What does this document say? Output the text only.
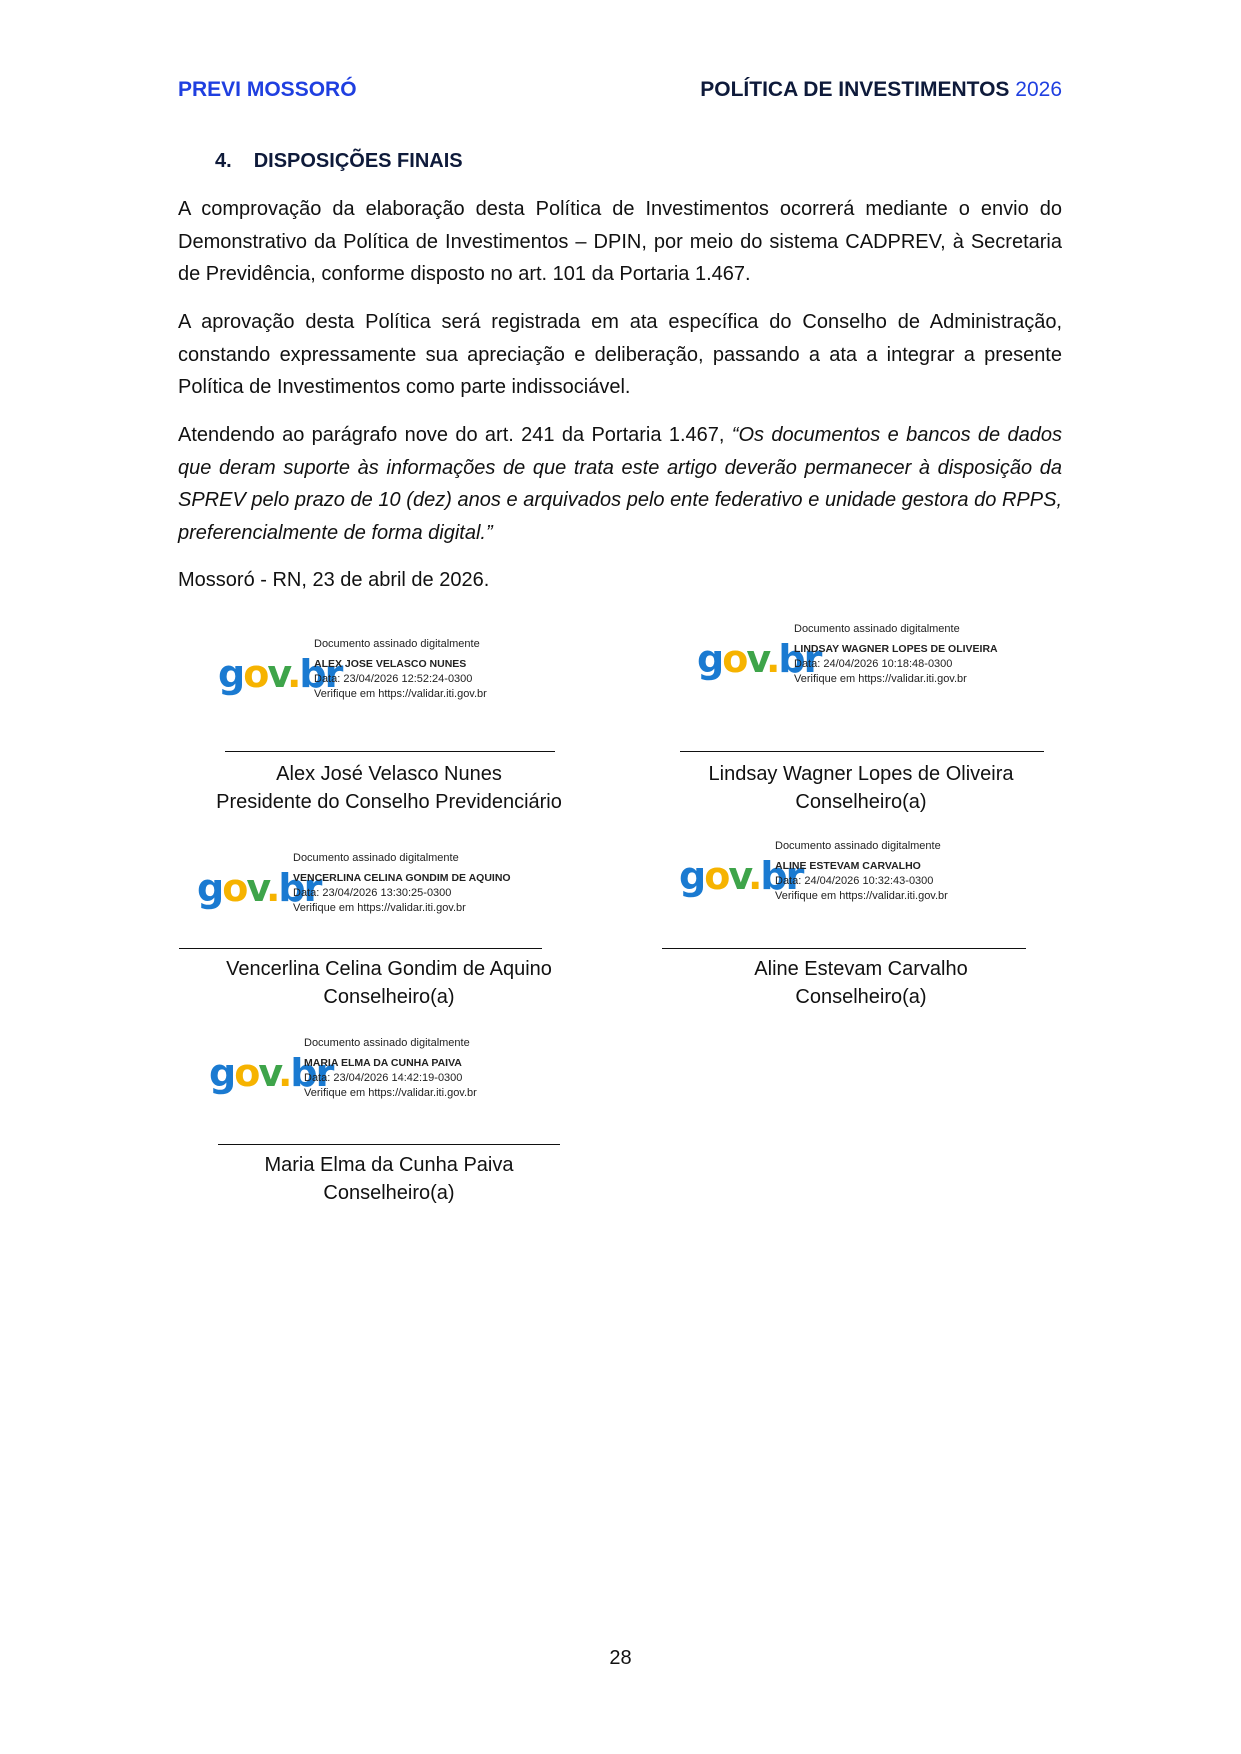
PREVI MOSSORÓ	POLÍTICA DE INVESTIMENTOS 2026
4. DISPOSIÇÕES FINAIS
A comprovação da elaboração desta Política de Investimentos ocorrerá mediante o envio do Demonstrativo da Política de Investimentos – DPIN, por meio do sistema CADPREV, à Secretaria de Previdência, conforme disposto no art. 101 da Portaria 1.467.
A aprovação desta Política será registrada em ata específica do Conselho de Administração, constando expressamente sua apreciação e deliberação, passando a ata a integrar a presente Política de Investimentos como parte indissociável.
Atendendo ao parágrafo nove do art. 241 da Portaria 1.467, “Os documentos e bancos de dados que deram suporte às informações de que trata este artigo deverão permanecer à disposição da SPREV pelo prazo de 10 (dez) anos e arquivados pelo ente federativo e unidade gestora do RPPS, preferencialmente de forma digital.”
Mossoró - RN, 23 de abril de 2026.
28
gov.br
Documento assinado digitalmente
ALEX JOSE VELASCO NUNES
Data: 23/04/2026 12:52:24-0300
Verifique em https://validar.iti.gov.br
Alex José Velasco Nunes
Presidente do Conselho Previdenciário
gov.br
Documento assinado digitalmente
LINDSAY WAGNER LOPES DE OLIVEIRA
Data: 24/04/2026 10:18:48-0300
Verifique em https://validar.iti.gov.br
Lindsay Wagner Lopes de Oliveira
Conselheiro(a)
gov.br
Documento assinado digitalmente
VENCERLINA CELINA GONDIM DE AQUINO
Data: 23/04/2026 13:30:25-0300
Verifique em https://validar.iti.gov.br
Vencerlina Celina Gondim de Aquino
Conselheiro(a)
gov.br
Documento assinado digitalmente
ALINE ESTEVAM CARVALHO
Data: 24/04/2026 10:32:43-0300
Verifique em https://validar.iti.gov.br
Aline Estevam Carvalho
Conselheiro(a)
gov.br
Documento assinado digitalmente
MARIA ELMA DA CUNHA PAIVA
Data: 23/04/2026 14:42:19-0300
Verifique em https://validar.iti.gov.br
Maria Elma da Cunha Paiva
Conselheiro(a)
